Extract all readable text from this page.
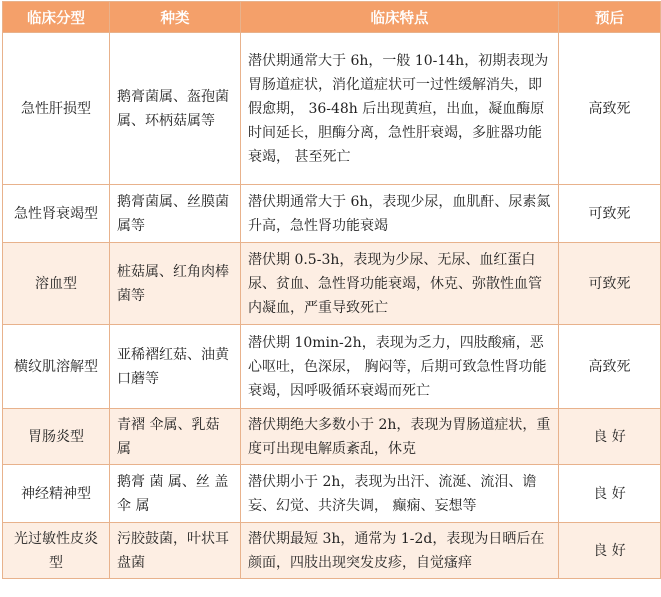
临床分型	种类	临床特点	预后
急性肝损型	鹅膏菌属、盔孢菌属、环柄菇属等	潜伏期通常大于 6h，一般 10-14h，初期表现为胃肠道症状，消化道症状可一过性缓解消失，即假愈期， 36-48h 后出现黄疸，出血，凝血酶原时间延长，胆酶分离，急性肝衰竭，多脏器功能衰竭， 甚至死亡	高致死
急性肾衰竭型	鹅膏菌属、丝膜菌属等	潜伏期通常大于 6h，表现少尿，血肌酐、尿素氮升高，急性肾功能衰竭	可致死
溶血型	桩菇属、红角肉棒菌等	潜伏期 0.5-3h，表现为少尿、无尿、血红蛋白尿、贫血、急性肾功能衰竭，休克、弥散性血管内凝血，严重导致死亡	可致死
横纹肌溶解型	亚稀褶红菇、油黄口蘑等	潜伏期 10min-2h，表现为乏力，四肢酸痛，恶心呕吐，色深尿， 胸闷等，后期可致急性肾功能衰竭，因呼吸循环衰竭而死亡	高致死
胃肠炎型	青褶 伞属、乳菇属	潜伏期绝大多数小于 2h，表现为胃肠道症状，重度可出现电解质紊乱，休克	良 好
神经精神型	鹅膏 菌 属、丝 盖 伞 属	潜伏期小于 2h，表现为出汗、流涎、流泪、谵妄、幻觉、共济失调， 癫痫、妄想等	良 好
光过敏性皮炎型	污胶鼓菌，叶状耳盘菌	潜伏期最短 3h，通常为 1-2d，表现为日晒后在颜面，四肢出现突发皮疹，自觉瘙痒	良 好
